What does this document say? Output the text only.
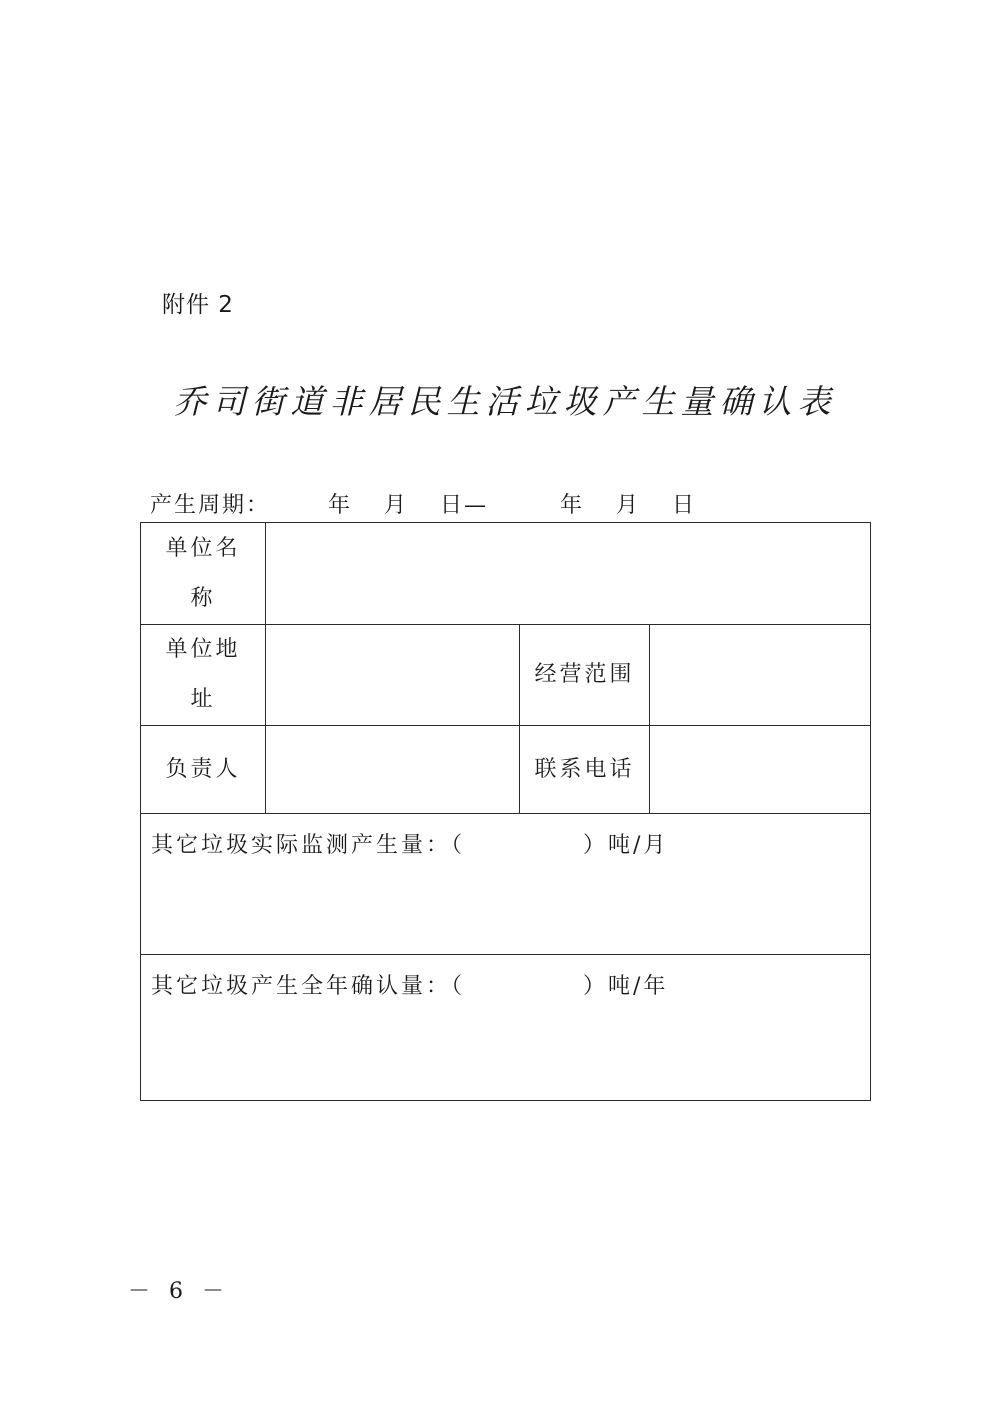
附件 2
乔司街道非居民生活垃圾产生量确认表
产生周期：	年 月 日—	年 月 日
单位名称			
单位地址		经营范围	
负责人		联系电话	
其它垃圾实际监测产生量：（ ）吨/月			
其它垃圾产生全年确认量：（ ）吨/年			
－ 6 －
